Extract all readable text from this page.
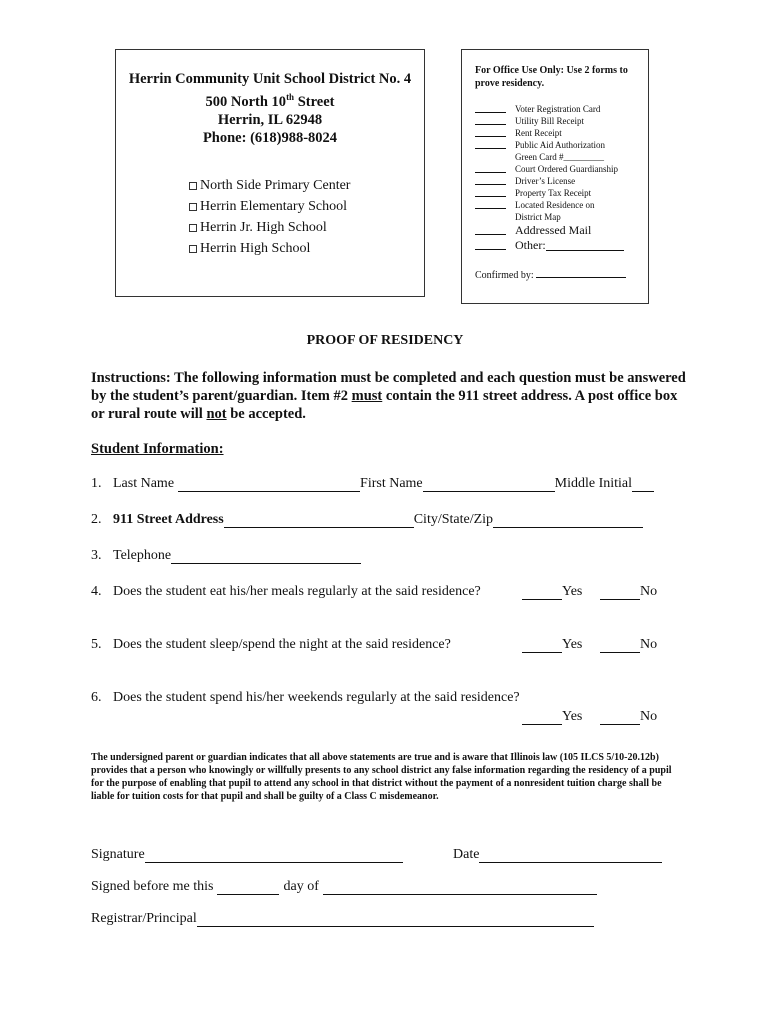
Herrin Community Unit School District No. 4
500 North 10th Street
Herrin, IL 62948
Phone: (618)988-8024
North Side Primary Center
Herrin Elementary School
Herrin Jr. High School
Herrin High School
For Office Use Only: Use 2 forms to prove residency.
Voter Registration Card
Utility Bill Receipt
Rent Receipt
Public Aid Authorization
Green Card #_________
Court Ordered Guardianship
Driver’s License
Property Tax Receipt
Located Residence on
District Map
Addressed Mail
Other:
Confirmed by:
PROOF OF RESIDENCY
Instructions: The following information must be completed and each question must be answered by the student’s parent/guardian. Item #2 must contain the 911 street address. A post office box or rural route will not be accepted.
Student Information:
1. Last Name	First Name	Middle Initial
2. 911 Street Address	City/State/Zip
3. Telephone
4. Does the student eat his/her meals regularly at the said residence?	Yes	No
5. Does the student sleep/spend the night at the said residence?	Yes	No
6. Does the student spend his/her weekends regularly at the said residence?
Yes	No
The undersigned parent or guardian indicates that all above statements are true and is aware that Illinois law (105 ILCS 5/10-20.12b) provides that a person who knowingly or willfully presents to any school district any false information regarding the residency of a pupil for the purpose of enabling that pupil to attend any school in that district without the payment of a nonresident tuition charge shall be liable for tuition costs for that pupil and shall be guilty of a Class C misdemeanor.
Signature	Date
Signed before me this	day of
Registrar/Principal
